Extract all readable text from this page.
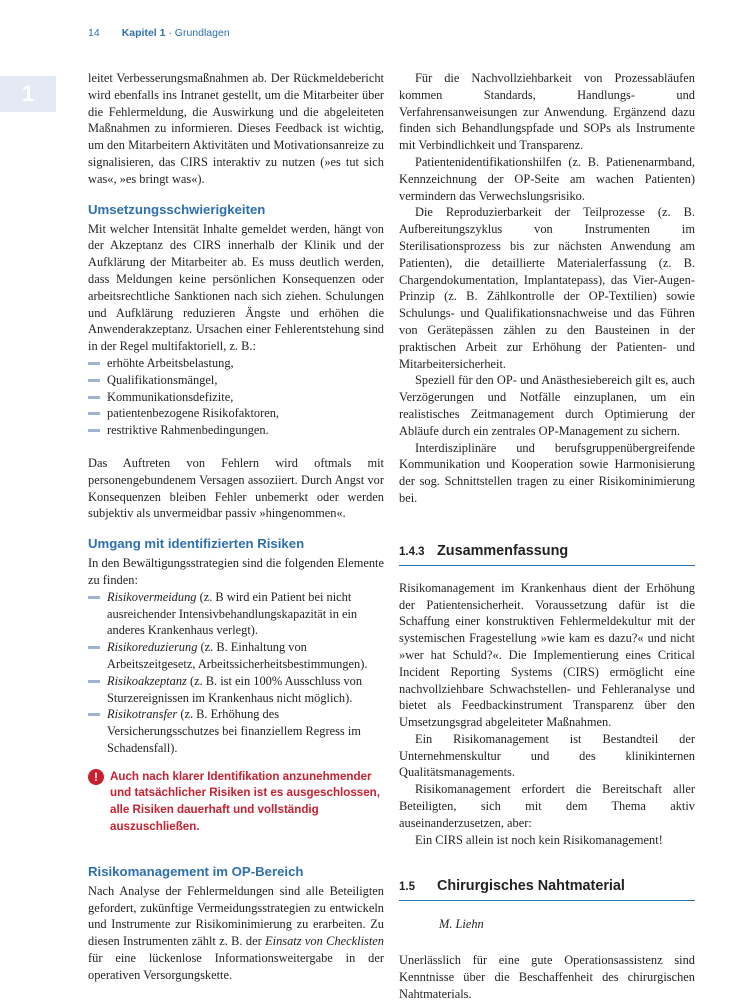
14 Kapitel 1 · Grundlagen
1

leitet Verbesserungsmaßnahmen ab. Der Rückmeldebericht wird ebenfalls ins Intranet gestellt, um die Mitarbeiter über die Fehlermeldung, die Auswirkung und die abgeleiteten Maßnahmen zu informieren. Dieses Feedback ist wichtig, um den Mitarbeitern Aktivitäten und Motivationsanreize zu signalisieren, das CIRS interaktiv zu nutzen (»es tut sich was«, »es bringt was«).

Umsetzungsschwierigkeiten

Mit welcher Intensität Inhalte gemeldet werden, hängt von der Akzeptanz des CIRS innerhalb der Klinik und der Aufklärung der Mitarbeiter ab. Es muss deutlich werden, dass Meldungen keine persönlichen Konsequenzen oder arbeitsrechtliche Sanktionen nach sich ziehen. Schulungen und Aufklärung reduzieren Ängste und erhöhen die Anwenderakzeptanz. Ursachen einer Fehlerentstehung sind in der Regel multifaktoriell, z. B.:

erhöhte Arbeitsbelastung,
Qualifikationsmängel,
Kommunikationsdefizite,
patientenbezogene Risikofaktoren,
restriktive Rahmenbedingungen.

Das Auftreten von Fehlern wird oftmals mit personengebundenem Versagen assoziiert. Durch Angst vor Konsequenzen bleiben Fehler unbemerkt oder werden subjektiv als unvermeidbar passiv »hingenommen«.

Umgang mit identifizierten Risiken

In den Bewältigungsstrategien sind die folgenden Elemente zu finden:

Risikovermeidung (z. B wird ein Patient bei nicht ausreichender Intensivbehandlungskapazität in ein anderes Krankenhaus verlegt).
Risikoreduzierung (z. B. Einhaltung von Arbeitszeitgesetz, Arbeitssicherheitsbestimmungen).
Risikoakzeptanz (z. B. ist ein 100% Ausschluss von Sturzereignissen im Krankenhaus nicht möglich).
Risikotransfer (z. B. Erhöhung des Versicherungsschutzes bei finanziellem Regress im Schadensfall).
!	Auch nach klarer Identifikation anzunehmender und tatsächlicher Risiken ist es ausgeschlossen, alle Risiken dauerhaft und vollständig auszuschließen.
Risikomanagement im OP-Bereich

Nach Analyse der Fehlermeldungen sind alle Beteiligten gefordert, zukünftige Vermeidungsstrategien zu entwickeln und Instrumente zur Risikominimierung zu erarbeiten. Zu diesen Instrumenten zählt z. B. der Einsatz von Checklisten für eine lückenlose Informationsweitergabe in der operativen Versorgungskette.

Für die Nachvollziehbarkeit von Prozessabläufen kommen Standards, Handlungs- und Verfahrensanweisungen zur Anwendung. Ergänzend dazu finden sich Behandlungspfade und SOPs als Instrumente mit Verbindlichkeit und Transparenz.

Patientenidentifikationshilfen (z. B. Patienenarmband, Kennzeichnung der OP-Seite am wachen Patienten) vermindern das Verwechslungsrisiko.

Die Reproduzierbarkeit der Teilprozesse (z. B. Aufbereitungszyklus von Instrumenten im Sterilisationsprozess bis zur nächsten Anwendung am Patienten), die detaillierte Materialerfassung (z. B. Chargendokumentation, Implantatepass), das Vier-Augen-Prinzip (z. B. Zählkontrolle der OP-Textilien) sowie Schulungs- und Qualifikationsnachweise und das Führen von Gerätepässen zählen zu den Bausteinen in der praktischen Arbeit zur Erhöhung der Patienten- und Mitarbeitersicherheit.

Speziell für den OP- und Anästhesiebereich gilt es, auch Verzögerungen und Notfälle einzuplanen, um ein realistisches Zeitmanagement durch Optimierung der Abläufe durch ein zentrales OP-Management zu sichern.

Interdisziplinäre und berufsgruppenübergreifende Kommunikation und Kooperation sowie Harmonisierung der sog. Schnittstellen tragen zu einer Risikominimierung bei.

1.4.3 Zusammenfassung

Risikomanagement im Krankenhaus dient der Erhöhung der Patientensicherheit. Voraussetzung dafür ist die Schaffung einer konstruktiven Fehlermeldekultur mit der systemischen Fragestellung »wie kam es dazu?« und nicht »wer hat Schuld?«. Die Implementierung eines Critical Incident Reporting Systems (CIRS) ermöglicht eine nachvollziehbare Schwachstellen- und Fehleranalyse und bietet als Feedbackinstrument Transparenz über den Umsetzungsgrad abgeleiteter Maßnahmen.

Ein Risikomanagement ist Bestandteil der Unternehmenskultur und des klinikinternen Qualitätsmanagements.

Risikomanagement erfordert die Bereitschaft aller Beteiligten, sich mit dem Thema aktiv auseinanderzusetzen, aber:

Ein CIRS allein ist noch kein Risikomanagement!

1.5	Chirurgisches Nahtmaterial
M. Liehn

Unerlässlich für eine gute Operationsassistenz sind Kenntnisse über die Beschaffenheit des chirurgischen Nahtmaterials.
